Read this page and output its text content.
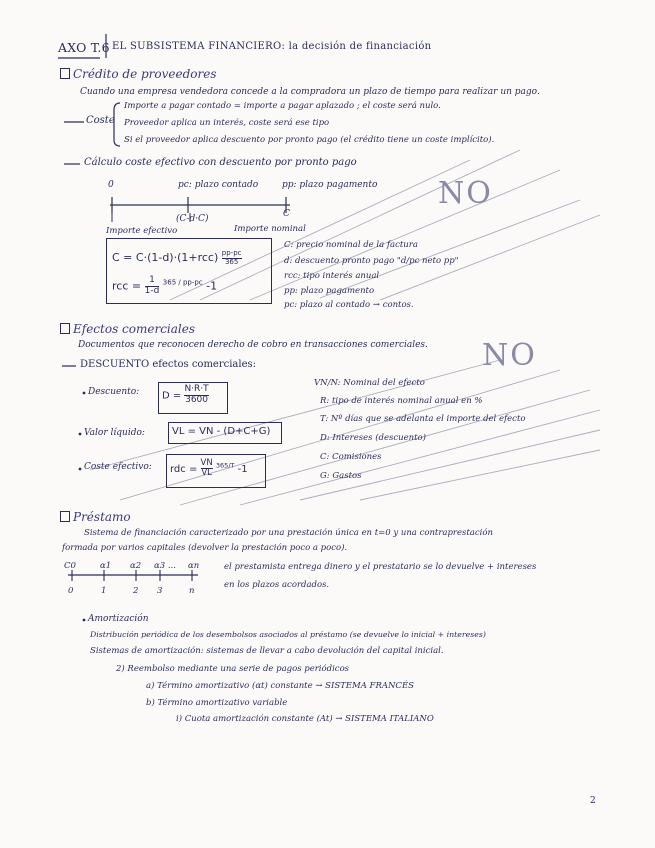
AXO T.6 EL SUBSISTEMA FINANCIERO: la decisión de financiación
Crédito de proveedores
Cuando una empresa vendedora concede a la compradora un plazo de tiempo para realizar un pago.
Coste
Importe a pagar contado = importe a pagar aplazado ; el coste será nulo.
Proveedor aplica un interés, coste será ese tipo
Si el proveedor aplica descuento por pronto pago (el crédito tiene un coste implícito).
Cálculo coste efectivo con descuento por pronto pago
0	pc: plazo contado	pp: plazo pagamento
(C-d·C)	C
Importe efectivo	Importe nominal
$C = C\cdot(1-d)\cdot(1+rcc) \frac{pp-pc}{365}$
rcc = $\frac{1}{1-d} ^{365 / pp-pc}$ -1
C: precio nominal de la factura
d: descuento pronto pago "d/pc neto pp"
rcc: tipo interés anual
pp: plazo pagamento
pc: plazo al contado → contos.
NO
Efectos comerciales
Documentos que reconocen derecho de cobro en transacciones comerciales.
DESCUENTO efectos comerciales:	NO
Descuento: $D = \frac{N\cdot R\cdot T}{3600}$
Valor líquido:	VL = VN - (D+C+G)
Coste efectivo: rdc = $\frac{VN}{VL} ^{365/T}$ -1
VN/N: Nominal del efecto
R: tipo de interés nominal anual en %
T: Nº días que se adelanta el importe del efecto
D: Intereses (descuento)
C: Comisiones
G: Gastos
Préstamo
Sistema de financiación caracterizado por una prestación única en t=0 y una contraprestación
formada por varios capitales (devolver la prestación poco a poco).
C0	α1 α2 α3 ... αn
0	1	2 3	n
el prestamista entrega dinero y el prestatario se lo devuelve + intereses
en los plazos acordados.
Amortización
Distribución periódica de los desembolsos asociados al préstamo (se devuelve lo inicial + intereses)
Sistemas de amortización: sistemas de llevar a cabo devolución del capital inicial.
2) Reembolso mediante una serie de pagos periódicos
a) Término amortizativo (αt) constante → SISTEMA FRANCÉS
b) Término amortizativo variable
i) Cuota amortización constante (At) → SISTEMA ITALIANO
2
